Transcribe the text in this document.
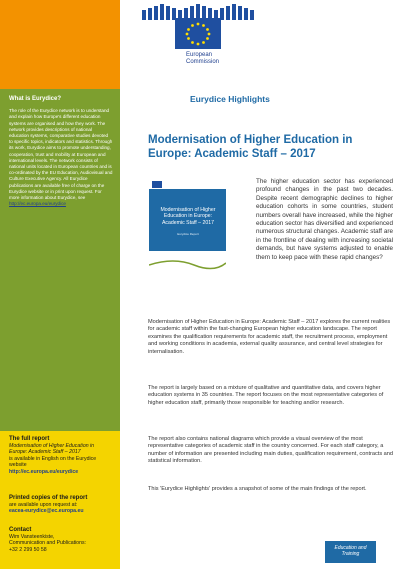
European
Commission
What is Eurydice?
The role of the Eurydice network is to understand and explain how Europe's different education systems are organised and how they work. The network provides descriptions of national education systems, comparative studies devoted to specific topics, indicators and statistics. Through its work, Eurydice aims to promote understanding, cooperation, trust and mobility at European and international levels. The network consists of national units located in European countries and is co-ordinated by the EU Education, Audiovisual and Culture Executive Agency. All Eurydice publications are available free of charge on the Eurydice website or in print upon request. For more information about Eurydice, see http://ec.europa.eu/eurydice
The full report
Modernisation of Higher Education in Europe: Academic Staff – 2017
is available in English on the Eurydice website
http://ec.europa.eu/eurydice
Printed copies of the report
are available upon request at:
eacea-eurydice@ec.europa.eu
Contact
Wim Vansteenkiste,
Communication and Publications:
+32 2 299 50 58
Eurydice Highlights
Modernisation of Higher Education in Europe: Academic Staff – 2017
Modernisation of Higher Education in Europe: Academic Staff – 2017
Eurydice Report
The higher education sector has experienced profound changes in the past two decades. Despite recent demographic declines to higher education cohorts in some countries, student numbers overall have increased, while the higher education sector has diversified and experienced numerous structural changes. Academic staff are in the frontline of dealing with increasing societal demands, but have systems adjusted to enable them to keep pace with these rapid changes?
Modernisation of Higher Education in Europe: Academic Staff – 2017 explores the current realities for academic staff within the fast-changing European higher education landscape. The report examines the qualification requirements for academic staff, the recruitment process, employment and working conditions in academia, external quality assurance, and central level strategies for internalisation.
The report is largely based on a mixture of qualitative and quantitative data, and covers higher education systems in 35 countries. The report focuses on the most representative categories of higher education staff, primarily those responsible for teaching and/or research.
The report also contains national diagrams which provide a visual overview of the most representative categories of academic staff in the country concerned. For each staff category, a number of information are presented including main duties, qualification requirement, contracts and statistical information.
This 'Eurydice Highlights' provides a snapshot of some of the main findings of the report.
Education and
Training
